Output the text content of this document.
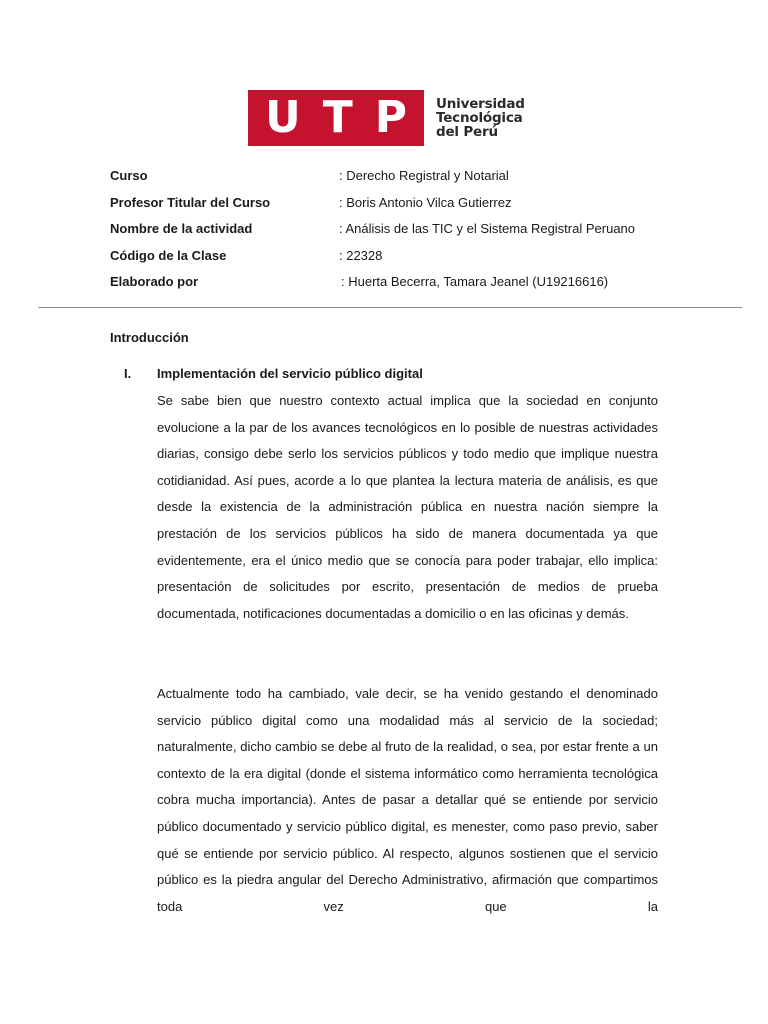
U T P Universidad
Tecnológica
del Perú
Curso	: Derecho Registral y Notarial
Profesor Titular del Curso	: Boris Antonio Vilca Gutierrez
Nombre de la actividad	: Análisis de las TIC y el Sistema Registral Peruano
Código de la Clase	: 22328
Elaborado por	: Huerta Becerra, Tamara Jeanel (U19216616)
Introducción
I. Implementación del servicio público digital

Se sabe bien que nuestro contexto actual implica que la sociedad en conjunto evolucione a la par de los avances tecnológicos en lo posible de nuestras actividades diarias, consigo debe serlo los servicios públicos y todo medio que implique nuestra cotidianidad. Así pues, acorde a lo que plantea la lectura materia de análisis, es que desde la existencia de la administración pública en nuestra nación siempre la prestación de los servicios públicos ha sido de manera documentada ya que evidentemente, era el único medio que se conocía para poder trabajar, ello implica: presentación de solicitudes por escrito, presentación de medios de prueba documentada, notificaciones documentadas a domicilio o en las oficinas y demás.

Actualmente todo ha cambiado, vale decir, se ha venido gestando el denominado servicio público digital como una modalidad más al servicio de la sociedad; naturalmente, dicho cambio se debe al fruto de la realidad, o sea, por estar frente a un contexto de la era digital (donde el sistema informático como herramienta tecnológica cobra mucha importancia). Antes de pasar a detallar qué se entiende por servicio público documentado y servicio público digital, es menester, como paso previo, saber qué se entiende por servicio público. Al respecto, algunos sostienen que el servicio público es la piedra angular del Derecho Administrativo, afirmación que compartimos toda vez que la
